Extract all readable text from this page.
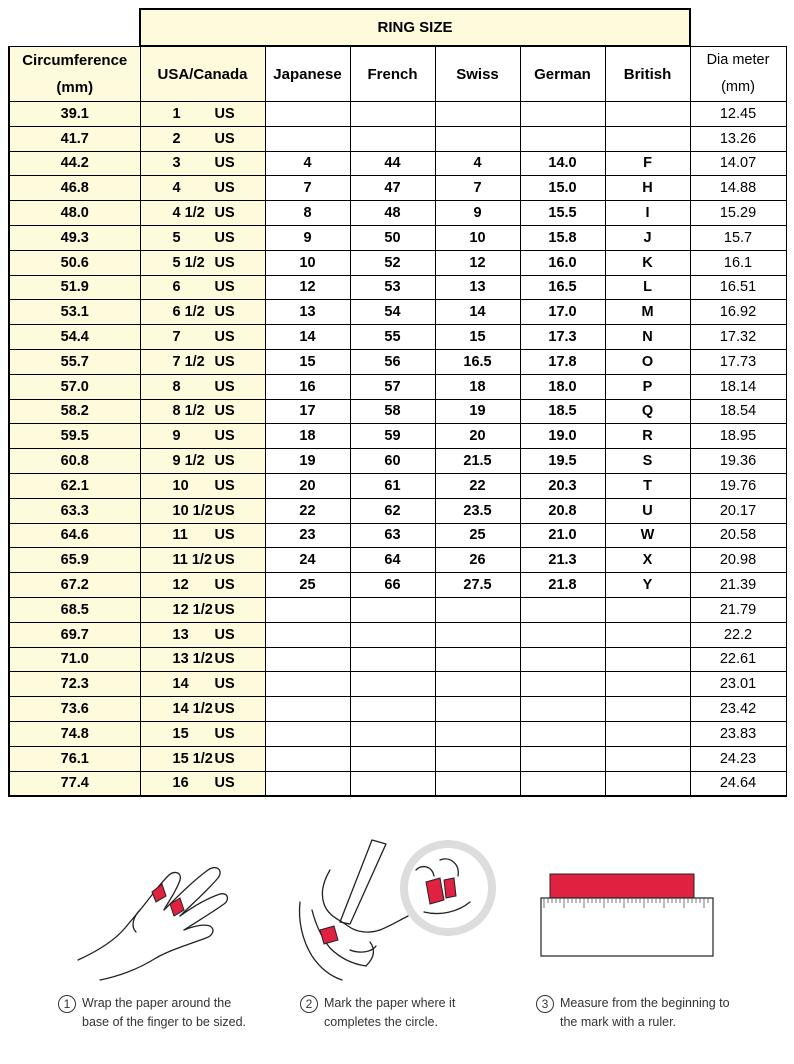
	RING SIZE						
Circumference
(mm)	USA/Canada	Japanese	French	Swiss	German	British	Dia meter
(mm)
39.1	1 US						12.45
41.7	2 US						13.26
44.2	3 US	4	44	4	14.0	F	14.07
46.8	4 US	7	47	7	15.0	H	14.88
48.0	4 1/2 US	8	48	9	15.5	I	15.29
49.3	5 US	9	50	10	15.8	J	15.7
50.6	5 1/2 US	10	52	12	16.0	K	16.1
51.9	6 US	12	53	13	16.5	L	16.51
53.1	6 1/2 US	13	54	14	17.0	M	16.92
54.4	7 US	14	55	15	17.3	N	17.32
55.7	7 1/2 US	15	56	16.5	17.8	O	17.73
57.0	8 US	16	57	18	18.0	P	18.14
58.2	8 1/2 US	17	58	19	18.5	Q	18.54
59.5	9 US	18	59	20	19.0	R	18.95
60.8	9 1/2 US	19	60	21.5	19.5	S	19.36
62.1	10 US	20	61	22	20.3	T	19.76
63.3	10 1/2 US	22	62	23.5	20.8	U	20.17
64.6	11 US	23	63	25	21.0	W	20.58
65.9	11 1/2 US	24	64	26	21.3	X	20.98
67.2	12 US	25	66	27.5	21.8	Y	21.39
68.5	12 1/2 US						21.79
69.7	13 US						22.2
71.0	13 1/2 US						22.61
72.3	14 US						23.01
73.6	14 1/2 US						23.42
74.8	15 US						23.83
76.1	15 1/2 US						24.23
77.4	16 US						24.64
1 Wrap the paper around the
base of the finger to be sized.
2 Mark the paper where it
completes the circle.
3 Measure from the beginning to
the mark with a ruler.
